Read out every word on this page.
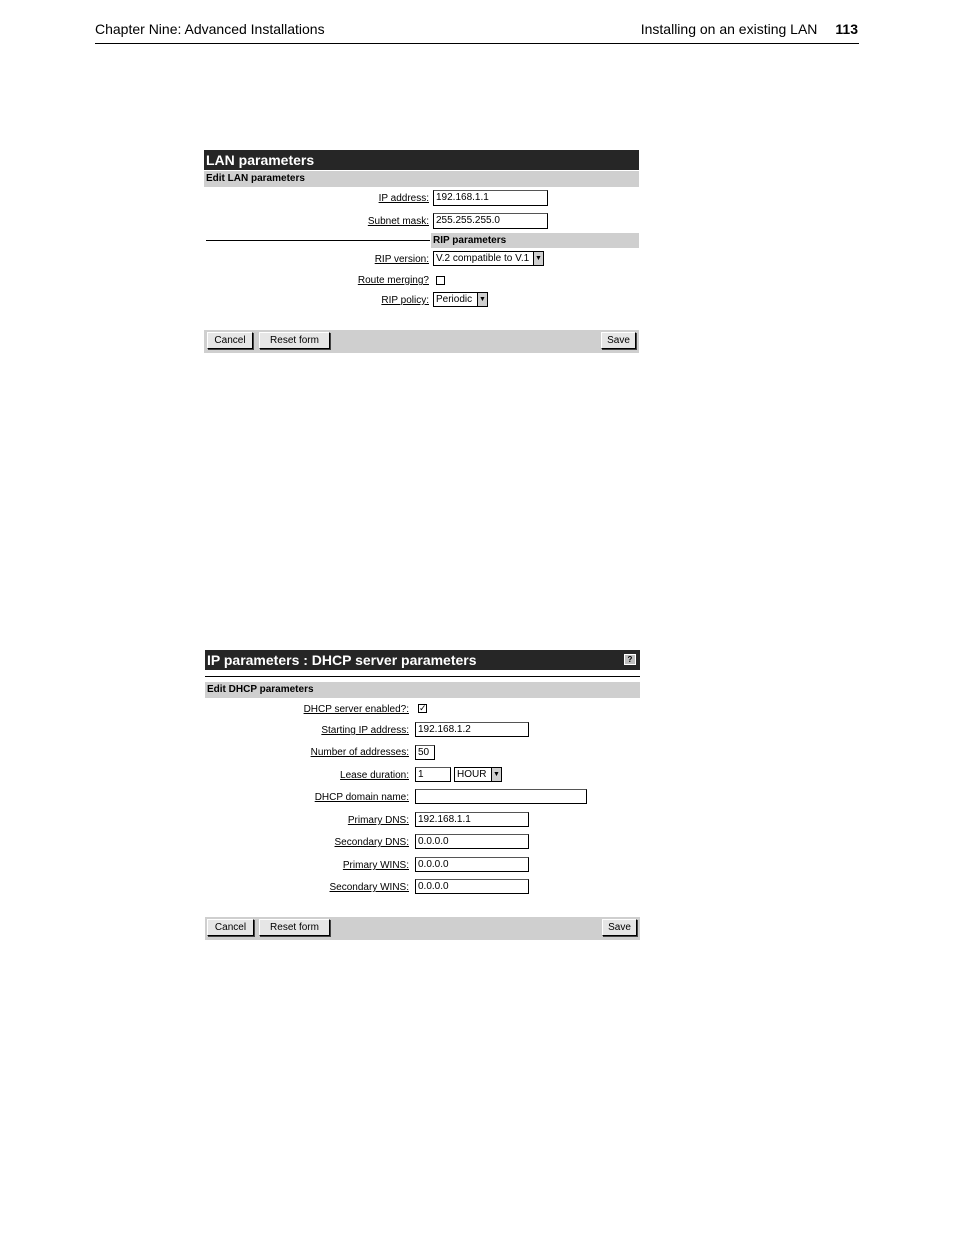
Chapter Nine: Advanced Installations	Installing on an existing LAN 113
LAN parameters
Edit LAN parameters
IP address: 192.168.1.1
Subnet mask: 255.255.255.0
RIP parameters
RIP version: V.2 compatible to V.1 ▼
Route merging?
RIP policy: Periodic ▼
Cancel	Reset form	Save
IP parameters : DHCP server parameters	?
Edit DHCP parameters
DHCP server enabled?: ✓
Starting IP address: 192.168.1.2
Number of addresses: 50
Lease duration: 1	HOUR ▼
DHCP domain name:
Primary DNS: 192.168.1.1
Secondary DNS: 0.0.0.0
Primary WINS: 0.0.0.0
Secondary WINS: 0.0.0.0
Cancel	Reset form	Save
